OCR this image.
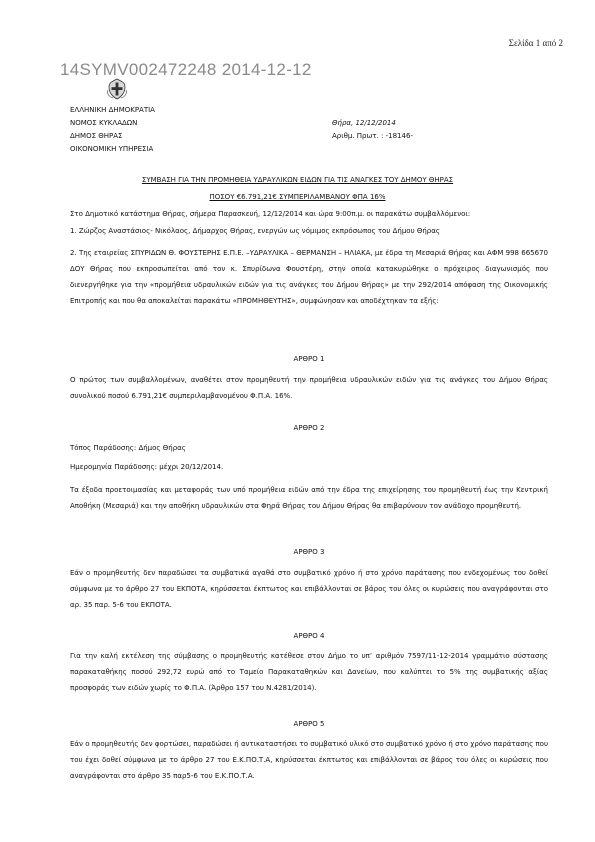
Σελίδα 1 από 2
14SYMV002472248 2014-12-12
ΕΛΛΗΝΙΚΗ ΔΗΜΟΚΡΑΤΙΑ
ΝΟΜΟΣ ΚΥΚΛΑΔΩΝ
ΔΗΜΟΣ ΘΗΡΑΣ
ΟΙΚΟΝΟΜΙΚΗ ΥΠΗΡΕΣΙΑ
Θήρα, 12/12/2014
Αριθμ. Πρωτ. : -18146-
ΣΥΜΒΑΣΗ ΓΙΑ ΤΗΝ ΠΡΟΜΗΘΕΙΑ ΥΔΡΑΥΛΙΚΩΝ ΕΙΔΩΝ ΓΙΑ ΤΙΣ ΑΝΑΓΚΕΣ ΤΟΥ ΔΗΜΟΥ ΘΗΡΑΣ
ΠΟΣΟΥ €6.791,21€ ΣΥΜΠΕΡΙΛΑΜΒΑΝΟΥ ΦΠΑ 16%
Στο Δημοτικό κατάστημα Θήρας, σήμερα Παρασκευή, 12/12/2014 και ώρα 9:00π.μ. οι παρακάτω συμβαλλόμενοι:
1. Ζώρζος Αναστάσιος- Νικόλαος, Δήμαρχος Θήρας, ενεργών ως νόμιμος εκπρόσωπος του Δήμου Θήρας
2. Της εταιρείας ΣΠΥΡΙΔΩΝ Θ. ΦΟΥΣΤΕΡΗΣ Ε.Π.Ε. –ΥΔΡΑΥΛΙΚΑ – ΘΕΡΜΑΝΣΗ – ΗΛΙΑΚΑ, με έδρα τη Μεσαριά Θήρας και ΑΦΜ 998 665670 ΔΟΥ Θήρας που εκπροσωπείται από τον κ. Σπυρίδωνα Φουστέρη, στην οποία κατακυρώθηκε ο πρόχειρος διαγωνισμός που διενεργήθηκε για την «προμήθεια υδραυλικών ειδών για τις ανάγκες του Δήμου Θήρας» με την 292/2014 απόφαση της Οικονομικής Επιτροπής και που θα αποκαλείται παρακάτω «ΠΡΟΜΗΘΕΥΤΗΣ», συμφώνησαν και αποδέχτηκαν τα εξής:
ΑΡΘΡΟ 1
Ο πρώτος των συμβαλλομένων, αναθέτει στον προμηθευτή την προμήθεια υδραυλικών ειδών για τις ανάγκες του Δήμου Θήρας συνολικού ποσού 6.791,21€ συμπεριλαμβανομένου Φ.Π.Α. 16%.
ΑΡΘΡΟ 2
Τόπος Παράδοσης: Δήμος Θήρας
Ημερομηνία Παράδοσης: μέχρι 20/12/2014.
Τα έξοδα προετοιμασίας και μεταφοράς των υπό προμήθεια ειδών από την έδρα της επιχείρησης του προμηθευτή έως την Κεντρική Αποθήκη (Μεσαριά) και την αποθήκη υδραυλικών στα Φηρά Θήρας του Δήμου Θήρας θα επιβαρύνουν τον ανάδοχο προμηθευτή.
ΑΡΘΡΟ 3
Εάν ο προμηθευτής δεν παραδώσει τα συμβατικά αγαθά στο συμβατικό χρόνο ή στο χρόνο παράτασης που ενδεχομένως του δοθεί σύμφωνα με το άρθρο 27 του ΕΚΠΟΤΑ, κηρύσσεται έκπτωτος και επιβάλλονται σε βάρος του όλες οι κυρώσεις που αναγράφονται στο αρ. 35 παρ. 5-6 του ΕΚΠΟΤΑ.
ΑΡΘΡΟ 4
Για την καλή εκτέλεση της σύμβασης ο προμηθευτής κατέθεσε στον Δήμο το υπ’ αριθμόν 7597/11-12-2014 γραμμάτιο σύστασης παρακαταθήκης ποσού 292,72 ευρώ από το Ταμείο Παρακαταθηκών και Δανείων, που καλύπτει το 5% της συμβατικής αξίας προσφοράς των ειδών χωρίς το Φ.Π.Α. (Άρθρο 157 του Ν.4281/2014).
ΑΡΘΡΟ 5
Εάν ο προμηθευτής δεν φορτώσει, παραδώσει ή αντικαταστήσει το συμβατικό υλικό στο συμβατικό χρόνο ή στο χρόνο παράτασης που του έχει δοθεί σύμφωνα με το άρθρο 27 του Ε.Κ.ΠΟ.Τ.Α, κηρύσσεται έκπτωτος και επιβάλλονται σε βάρος του όλες οι κυρώσεις που αναγράφονται στο άρθρο 35 παρ5-6 του Ε.Κ.ΠΟ.Τ.Α.
